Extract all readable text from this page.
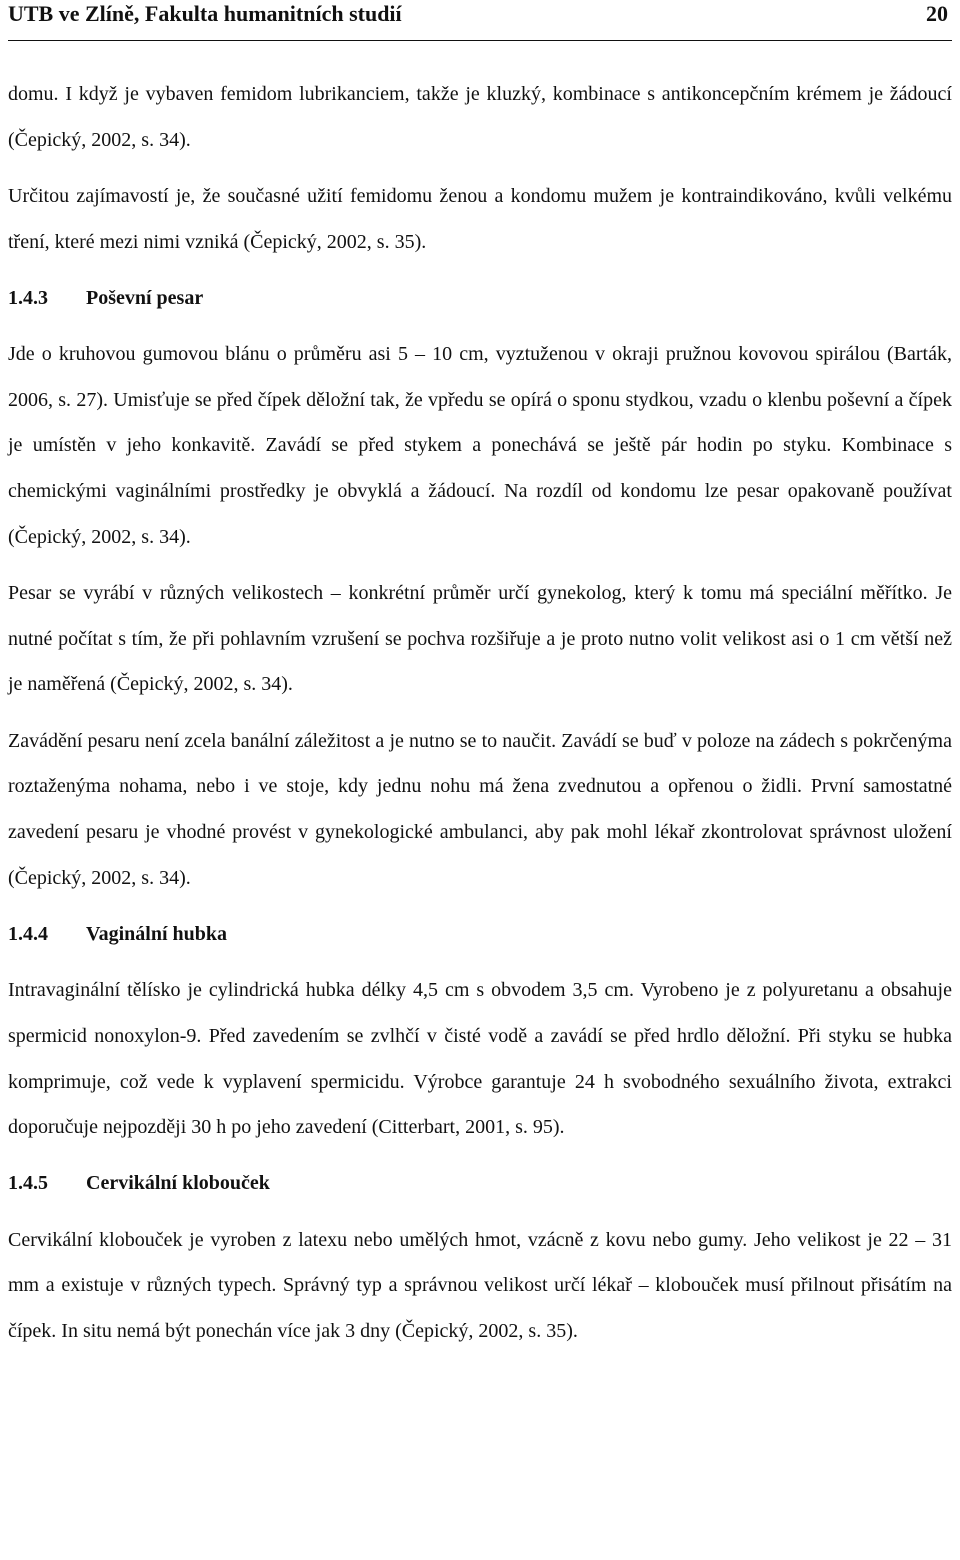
UTB ve Zlíně, Fakulta humanitních studií	20

domu. I když je vybaven femidom lubrikanciem, takže je kluzký, kombinace s antikoncepčním krémem je žádoucí (Čepický, 2002, s. 34).

Určitou zajímavostí je, že současné užití femidomu ženou a kondomu mužem je kontraindikováno, kvůli velkému tření, které mezi nimi vzniká (Čepický, 2002, s. 35).

1.4.3 Poševní pesar

Jde o kruhovou gumovou blánu o průměru asi 5 – 10 cm, vyztuženou v okraji pružnou kovovou spirálou (Barták, 2006, s. 27). Umisťuje se před čípek děložní tak, že vpředu se opírá o sponu stydkou, vzadu o klenbu poševní a čípek je umístěn v jeho konkavitě. Zavádí se před stykem a ponechává se ještě pár hodin po styku. Kombinace s chemickými vaginálními prostředky je obvyklá a žádoucí. Na rozdíl od kondomu lze pesar opakovaně používat (Čepický, 2002, s. 34).

Pesar se vyrábí v různých velikostech – konkrétní průměr určí gynekolog, který k tomu má speciální měřítko. Je nutné počítat s tím, že při pohlavním vzrušení se pochva rozšiřuje a je proto nutno volit velikost asi o 1 cm větší než je naměřená (Čepický, 2002, s. 34).

Zavádění pesaru není zcela banální záležitost a je nutno se to naučit. Zavádí se buď v poloze na zádech s pokrčenýma roztaženýma nohama, nebo i ve stoje, kdy jednu nohu má žena zvednutou a opřenou o židli. První samostatné zavedení pesaru je vhodné provést v gynekologické ambulanci, aby pak mohl lékař zkontrolovat správnost uložení (Čepický, 2002, s. 34).

1.4.4 Vaginální hubka

Intravaginální tělísko je cylindrická hubka délky 4,5 cm s obvodem 3,5 cm. Vyrobeno je z polyuretanu a obsahuje spermicid nonoxylon-9. Před zavedením se zvlhčí v čisté vodě a zavádí se před hrdlo děložní. Při styku se hubka komprimuje, což vede k vyplavení spermicidu. Výrobce garantuje 24 h svobodného sexuálního života, extrakci doporučuje nejpozději 30 h po jeho zavedení (Citterbart, 2001, s. 95).

1.4.5 Cervikální klobouček

Cervikální klobouček je vyroben z latexu nebo umělých hmot, vzácně z kovu nebo gumy. Jeho velikost je 22 – 31 mm a existuje v různých typech. Správný typ a správnou velikost určí lékař – klobouček musí přilnout přisátím na čípek. In situ nemá být ponechán více jak 3 dny (Čepický, 2002, s. 35).
